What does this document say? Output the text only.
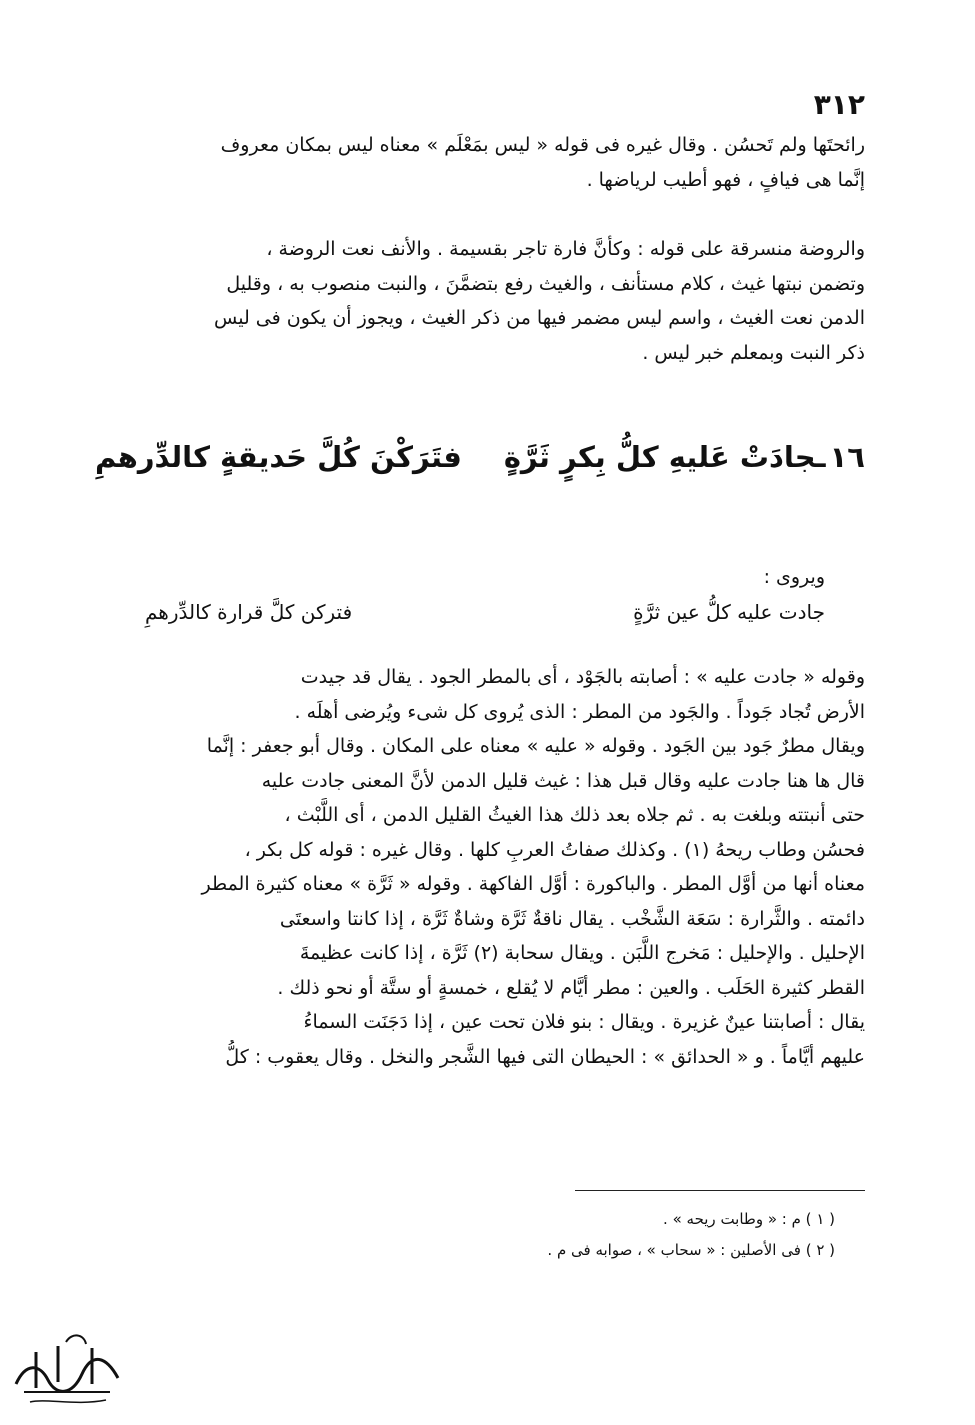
٣١٢
رائحتَها ولم تَحسُن . وقال غيره فى قوله « ليس بمَعْلَم » معناه ليس بمكان معروف
إنَّما هى فيافٍ ، فهو أطيب لرياضها .
والروضة منسرقة على قوله : وكأنَّ فارة تاجر بقسيمة . والأنف نعت الروضة ،
وتضمن نبتها غيث ، كلام مستأنف ، والغيث رفع بتضمَّنَ ، والنبت منصوب به ، وقليل
الدمن نعت الغيث ، واسم ليس مضمر فيها من ذكر الغيث ، ويجوز أن يكون فى ليس
ذكر النبت وبمعلم خبر ليس .
١٦ـجادَتْ عَليهِ كلُّ بِكرٍ ثَرَّةٍ
فتَرَكْنَ كُلَّ حَديقةٍ كالدِّرهمِ
ويروى :
جادت عليه كلُّ عين ثرَّةٍ
فتركن كلَّ قرارة كالدِّرهمِ
وقوله « جادت عليه » : أصابته بالجَوْد ، أى بالمطر الجود . يقال قد جيدت
الأرض تُجاد جَوداً . والجَود من المطر : الذى يُروى كل شىء ويُرضى أهلَه .
ويقال مطرٌ جَود بين الجَود . وقوله « عليه » معناه على المكان . وقال أبو جعفر : إنَّما
قال ها هنا جادت عليه وقال قبل هذا : غيث قليل الدمن لأنَّ المعنى جادت عليه
حتى أنبتته وبلغت به . ثم جلاه بعد ذلك هذا الغيثُ القليل الدمن ، أى اللَّبْث ،
فحسُن وطاب ريحهُ (١) . وكذلك صفاتُ العربِ كلها . وقال غيره : قوله كل بكر ،
معناه أنها من أوَّل المطر . والباكورة : أوَّل الفاكهة . وقوله « ثَرَّة » معناه كثيرة المطر
دائمته . والثَّرارة : سَعَة الشَّخْب . يقال ناقةٌ ثَرَّة وشاةٌ ثَرَّة ، إذا كانتا واسعتَى
الإحليل . والإحليل : مَخرج اللَّبَن . ويقال سحابة (٢) ثَرَّة ، إذا كانت عظيمةَ
القطر كثيرة الحَلَب . والعين : مطر أيَّام لا يُقلع ، خمسةٍ أو ستَّة أو نحو ذلك .
يقال : أصابتنا عينٌ غزيرة . ويقال : بنو فلان تحت عين ، إذا دَجَنَت السماءُ
عليهم أيَّاماً . و « الحدائق » : الحيطان التى فيها الشَّجر والنخل . وقال يعقوب : كلُّ
( ١ ) م : « وطابت ريحه » .
( ٢ ) فى الأصلين : « سحاب » ، صوابه فى م .
